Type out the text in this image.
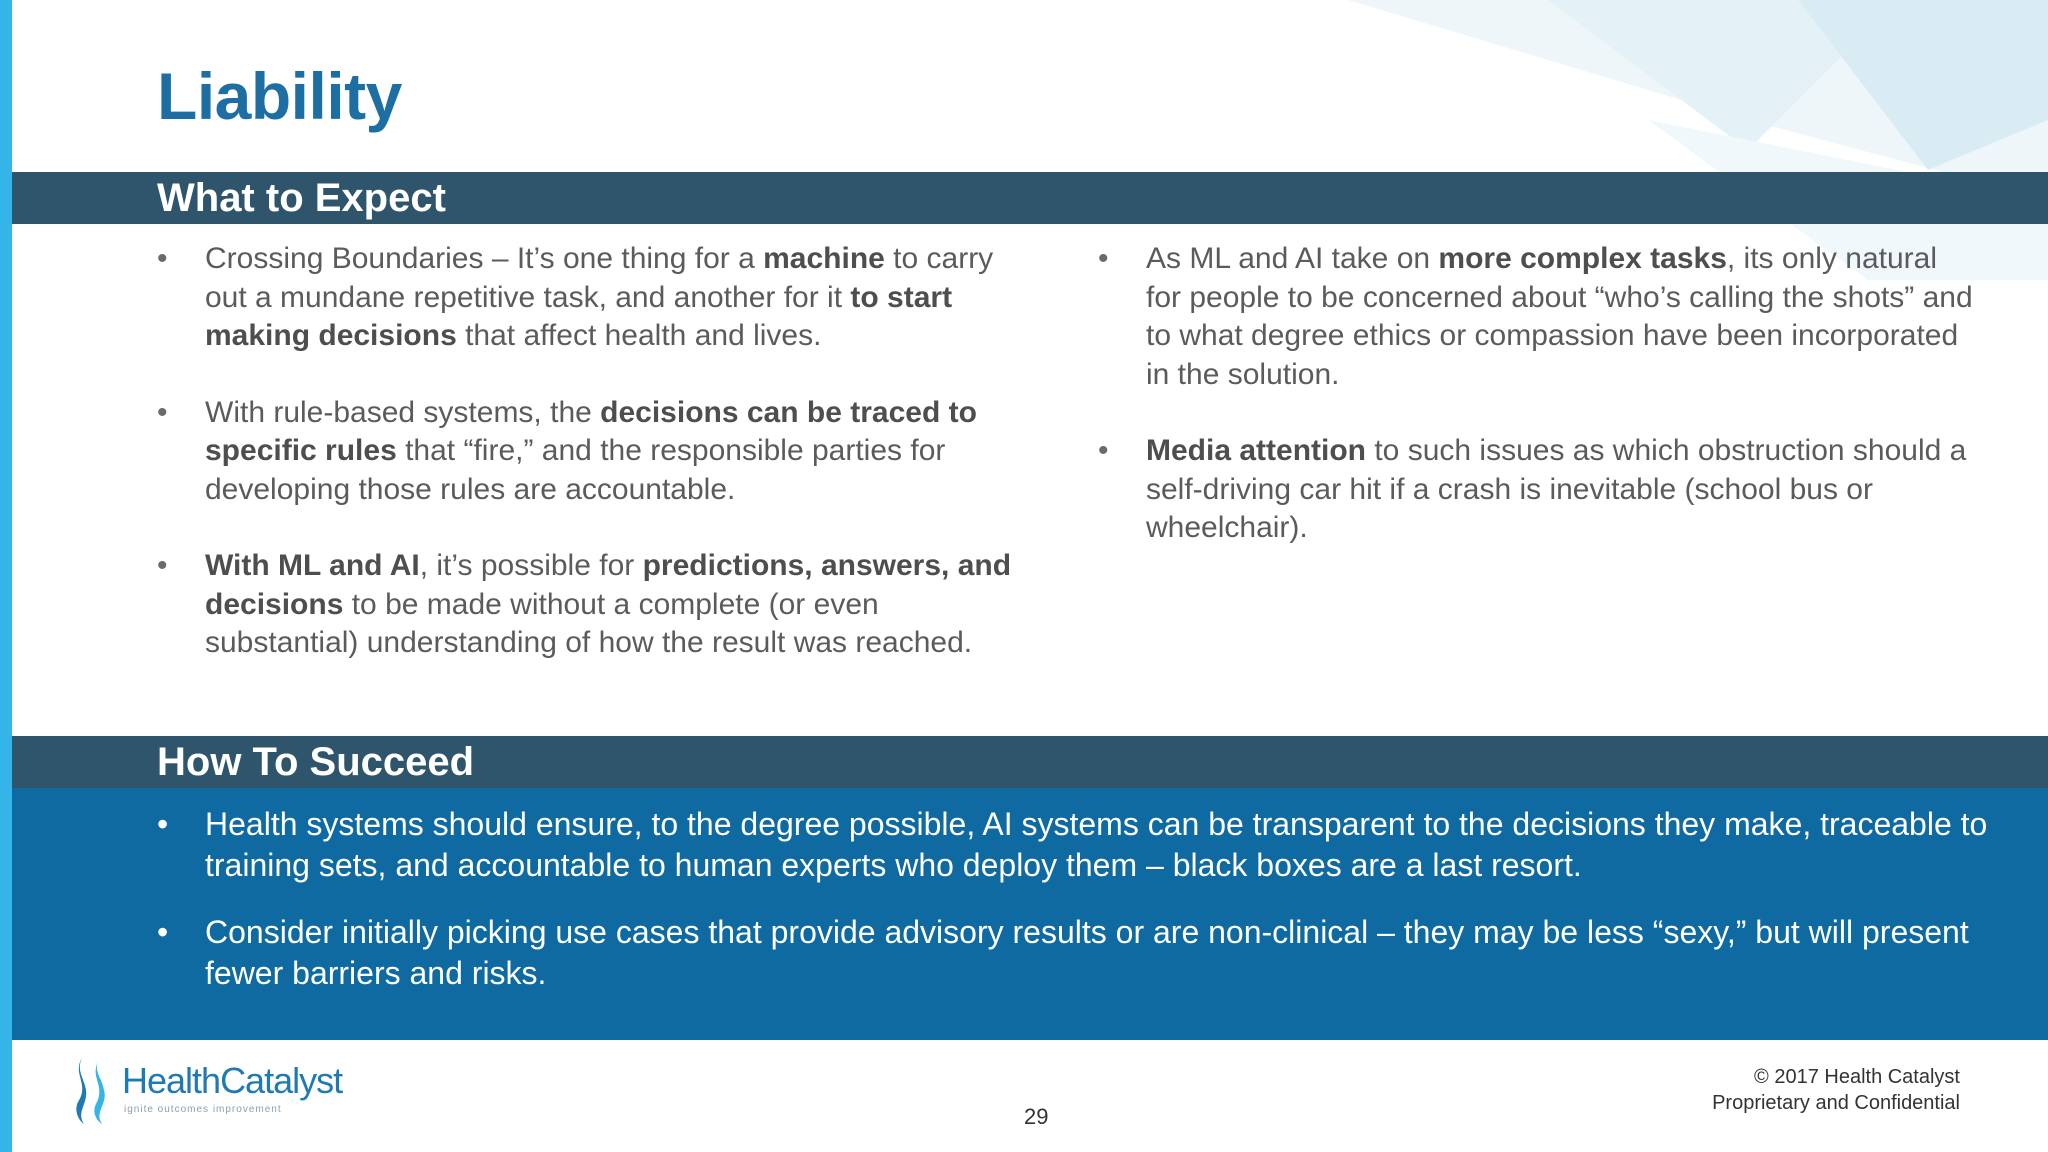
Liability
What to Expect
• Crossing Boundaries – It’s one thing for a machine to carry out a mundane repetitive task, and another for it to start making decisions that affect health and lives.
• With rule-based systems, the decisions can be traced to specific rules that “fire,” and the responsible parties for developing those rules are accountable.
• With ML and AI, it’s possible for predictions, answers, and decisions to be made without a complete (or even substantial) understanding of how the result was reached.
• As ML and AI take on more complex tasks, its only natural for people to be concerned about “who’s calling the shots” and to what degree ethics or compassion have been incorporated in the solution.
• Media attention to such issues as which obstruction should a self-driving car hit if a crash is inevitable (school bus or wheelchair).
How To Succeed
• Health systems should ensure, to the degree possible, AI systems can be transparent to the decisions they make, traceable to training sets, and accountable to human experts who deploy them – black boxes are a last resort.
• Consider initially picking use cases that provide advisory results or are non-clinical – they may be less “sexy,” but will present fewer barriers and risks.
HealthCatalyst
ignite outcomes improvement	29
© 2017 Health Catalyst
Proprietary and Confidential
